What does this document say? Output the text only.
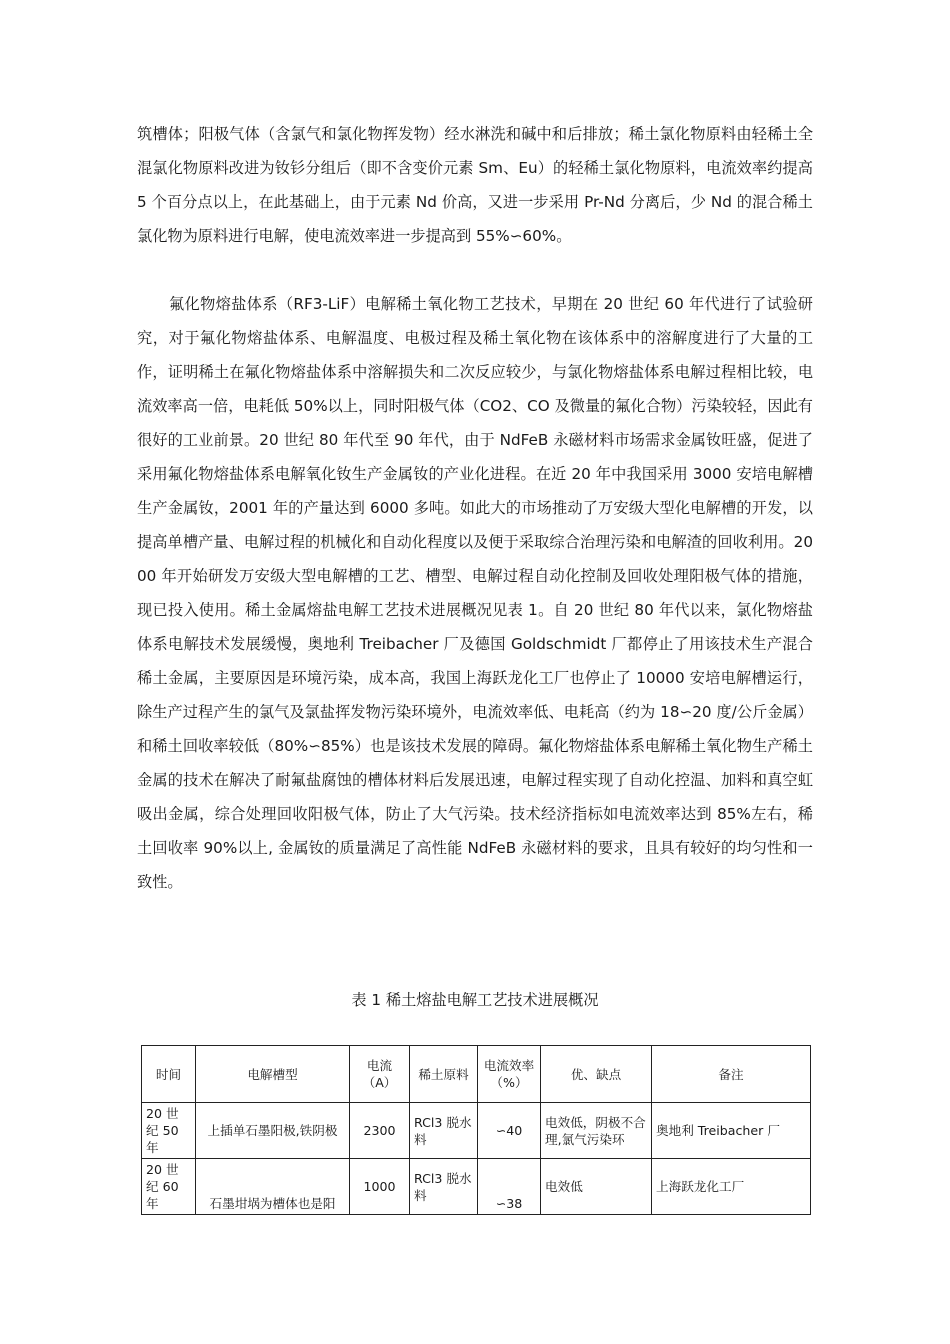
筑槽体；阳极气体（含氯气和氯化物挥发物）经水淋洗和碱中和后排放；稀土氯化物原料由轻稀土全混氯化物原料改进为钕钐分组后（即不含变价元素 Sm、Eu）的轻稀土氯化物原料，电流效率约提高 5 个百分点以上，在此基础上，由于元素 Nd 价高，又进一步采用 Pr-Nd 分离后，少 Nd 的混合稀土氯化物为原料进行电解，使电流效率进一步提高到 55%∽60%。

氟化物熔盐体系（RF3-LiF）电解稀土氧化物工艺技术，早期在 20 世纪 60 年代进行了试验研究，对于氟化物熔盐体系、电解温度、电极过程及稀土氧化物在该体系中的溶解度进行了大量的工作，证明稀土在氟化物熔盐体系中溶解损失和二次反应较少，与氯化物熔盐体系电解过程相比较，电流效率高一倍，电耗低 50%以上，同时阳极气体（CO2、CO 及微量的氟化合物）污染较轻，因此有很好的工业前景。20 世纪 80 年代至 90 年代，由于 NdFeB 永磁材料市场需求金属钕旺盛，促进了采用氟化物熔盐体系电解氧化钕生产金属钕的产业化进程。在近 20 年中我国采用 3000 安培电解槽生产金属钕，2001 年的产量达到 6000 多吨。如此大的市场推动了万安级大型化电解槽的开发，以提高单槽产量、电解过程的机械化和自动化程度以及便于采取综合治理污染和电解渣的回收利用。2000 年开始研发万安级大型电解槽的工艺、槽型、电解过程自动化控制及回收处理阳极气体的措施，现已投入使用。稀土金属熔盐电解工艺技术进展概况见表 1。自 20 世纪 80 年代以来，氯化物熔盐体系电解技术发展缓慢，奥地利 Treibacher 厂及德国 Goldschmidt 厂都停止了用该技术生产混合稀土金属，主要原因是环境污染，成本高，我国上海跃龙化工厂也停止了 10000 安培电解槽运行，除生产过程产生的氯气及氯盐挥发物污染环境外，电流效率低、电耗高（约为 18∽20 度/公斤金属）和稀土回收率较低（80%∽85%）也是该技术发展的障碍。氟化物熔盐体系电解稀土氧化物生产稀土金属的技术在解决了耐氟盐腐蚀的槽体材料后发展迅速，电解过程实现了自动化控温、加料和真空虹吸出金属，综合处理回收阳极气体，防止了大气污染。技术经济指标如电流效率达到 85%左右，稀土回收率 90%以上, 金属钕的质量满足了高性能 NdFeB 永磁材料的要求，且具有较好的均匀性和一致性。

表 1 稀土熔盐电解工艺技术进展概况
时间	电解槽型	电流（A）	稀土原料	电流效率（%）	优、缺点	备注
20 世纪 50 年	上插单石墨阳极,铁阴极	2300	RCl3 脱水料	∽40	电效低，阴极不合理,氯气污染环	奥地利 Treibacher 厂
20 世纪 60 年	石墨坩埚为槽体也是阳	1000	RCl3 脱水料	∽38	电效低	上海跃龙化工厂
